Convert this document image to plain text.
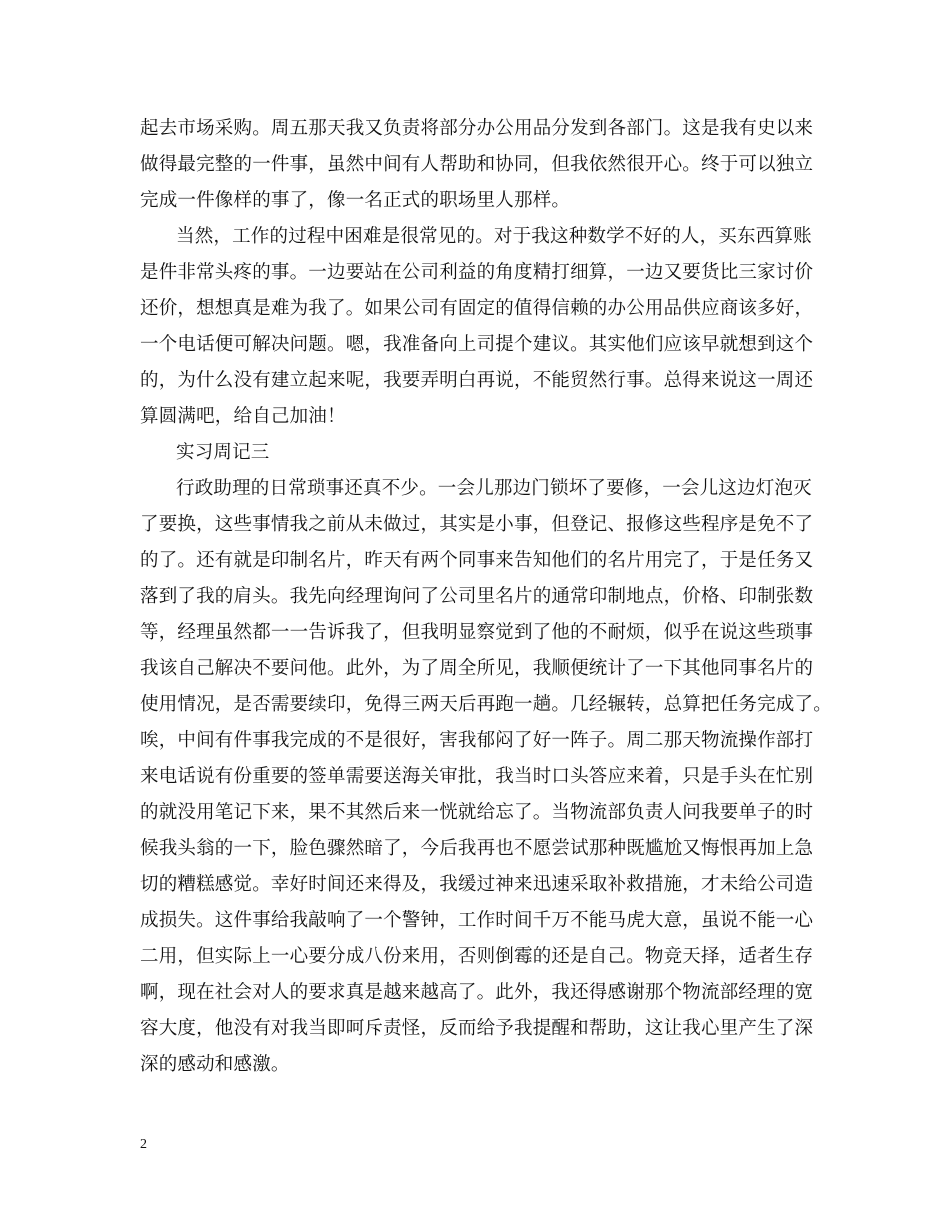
起去市场采购。周五那天我又负责将部分办公用品分发到各部门。这是我有史以来
做得最完整的一件事，虽然中间有人帮助和协同，但我依然很开心。终于可以独立
完成一件像样的事了，像一名正式的职场里人那样。
当然，工作的过程中困难是很常见的。对于我这种数学不好的人，买东西算账
是件非常头疼的事。一边要站在公司利益的角度精打细算，一边又要货比三家讨价
还价，想想真是难为我了。如果公司有固定的值得信赖的办公用品供应商该多好，
一个电话便可解决问题。嗯，我准备向上司提个建议。其实他们应该早就想到这个
的，为什么没有建立起来呢，我要弄明白再说，不能贸然行事。总得来说这一周还
算圆满吧，给自己加油！
实习周记三
行政助理的日常琐事还真不少。一会儿那边门锁坏了要修，一会儿这边灯泡灭
了要换，这些事情我之前从未做过，其实是小事，但登记、报修这些程序是免不了
的了。还有就是印制名片，昨天有两个同事来告知他们的名片用完了，于是任务又
落到了我的肩头。我先向经理询问了公司里名片的通常印制地点，价格、印制张数
等，经理虽然都一一告诉我了，但我明显察觉到了他的不耐烦，似乎在说这些琐事
我该自己解决不要问他。此外，为了周全所见，我顺便统计了一下其他同事名片的
使用情况，是否需要续印，免得三两天后再跑一趟。几经辗转，总算把任务完成了。
唉，中间有件事我完成的不是很好，害我郁闷了好一阵子。周二那天物流操作部打
来电话说有份重要的签单需要送海关审批，我当时口头答应来着，只是手头在忙别
的就没用笔记下来，果不其然后来一恍就给忘了。当物流部负责人问我要单子的时
候我头翁的一下，脸色骤然暗了，今后我再也不愿尝试那种既尴尬又悔恨再加上急
切的糟糕感觉。幸好时间还来得及，我缓过神来迅速采取补救措施，才未给公司造
成损失。这件事给我敲响了一个警钟，工作时间千万不能马虎大意，虽说不能一心
二用，但实际上一心要分成八份来用，否则倒霉的还是自己。物竞天择，适者生存
啊，现在社会对人的要求真是越来越高了。此外，我还得感谢那个物流部经理的宽
容大度，他没有对我当即呵斥责怪，反而给予我提醒和帮助，这让我心里产生了深
深的感动和感激。
2
